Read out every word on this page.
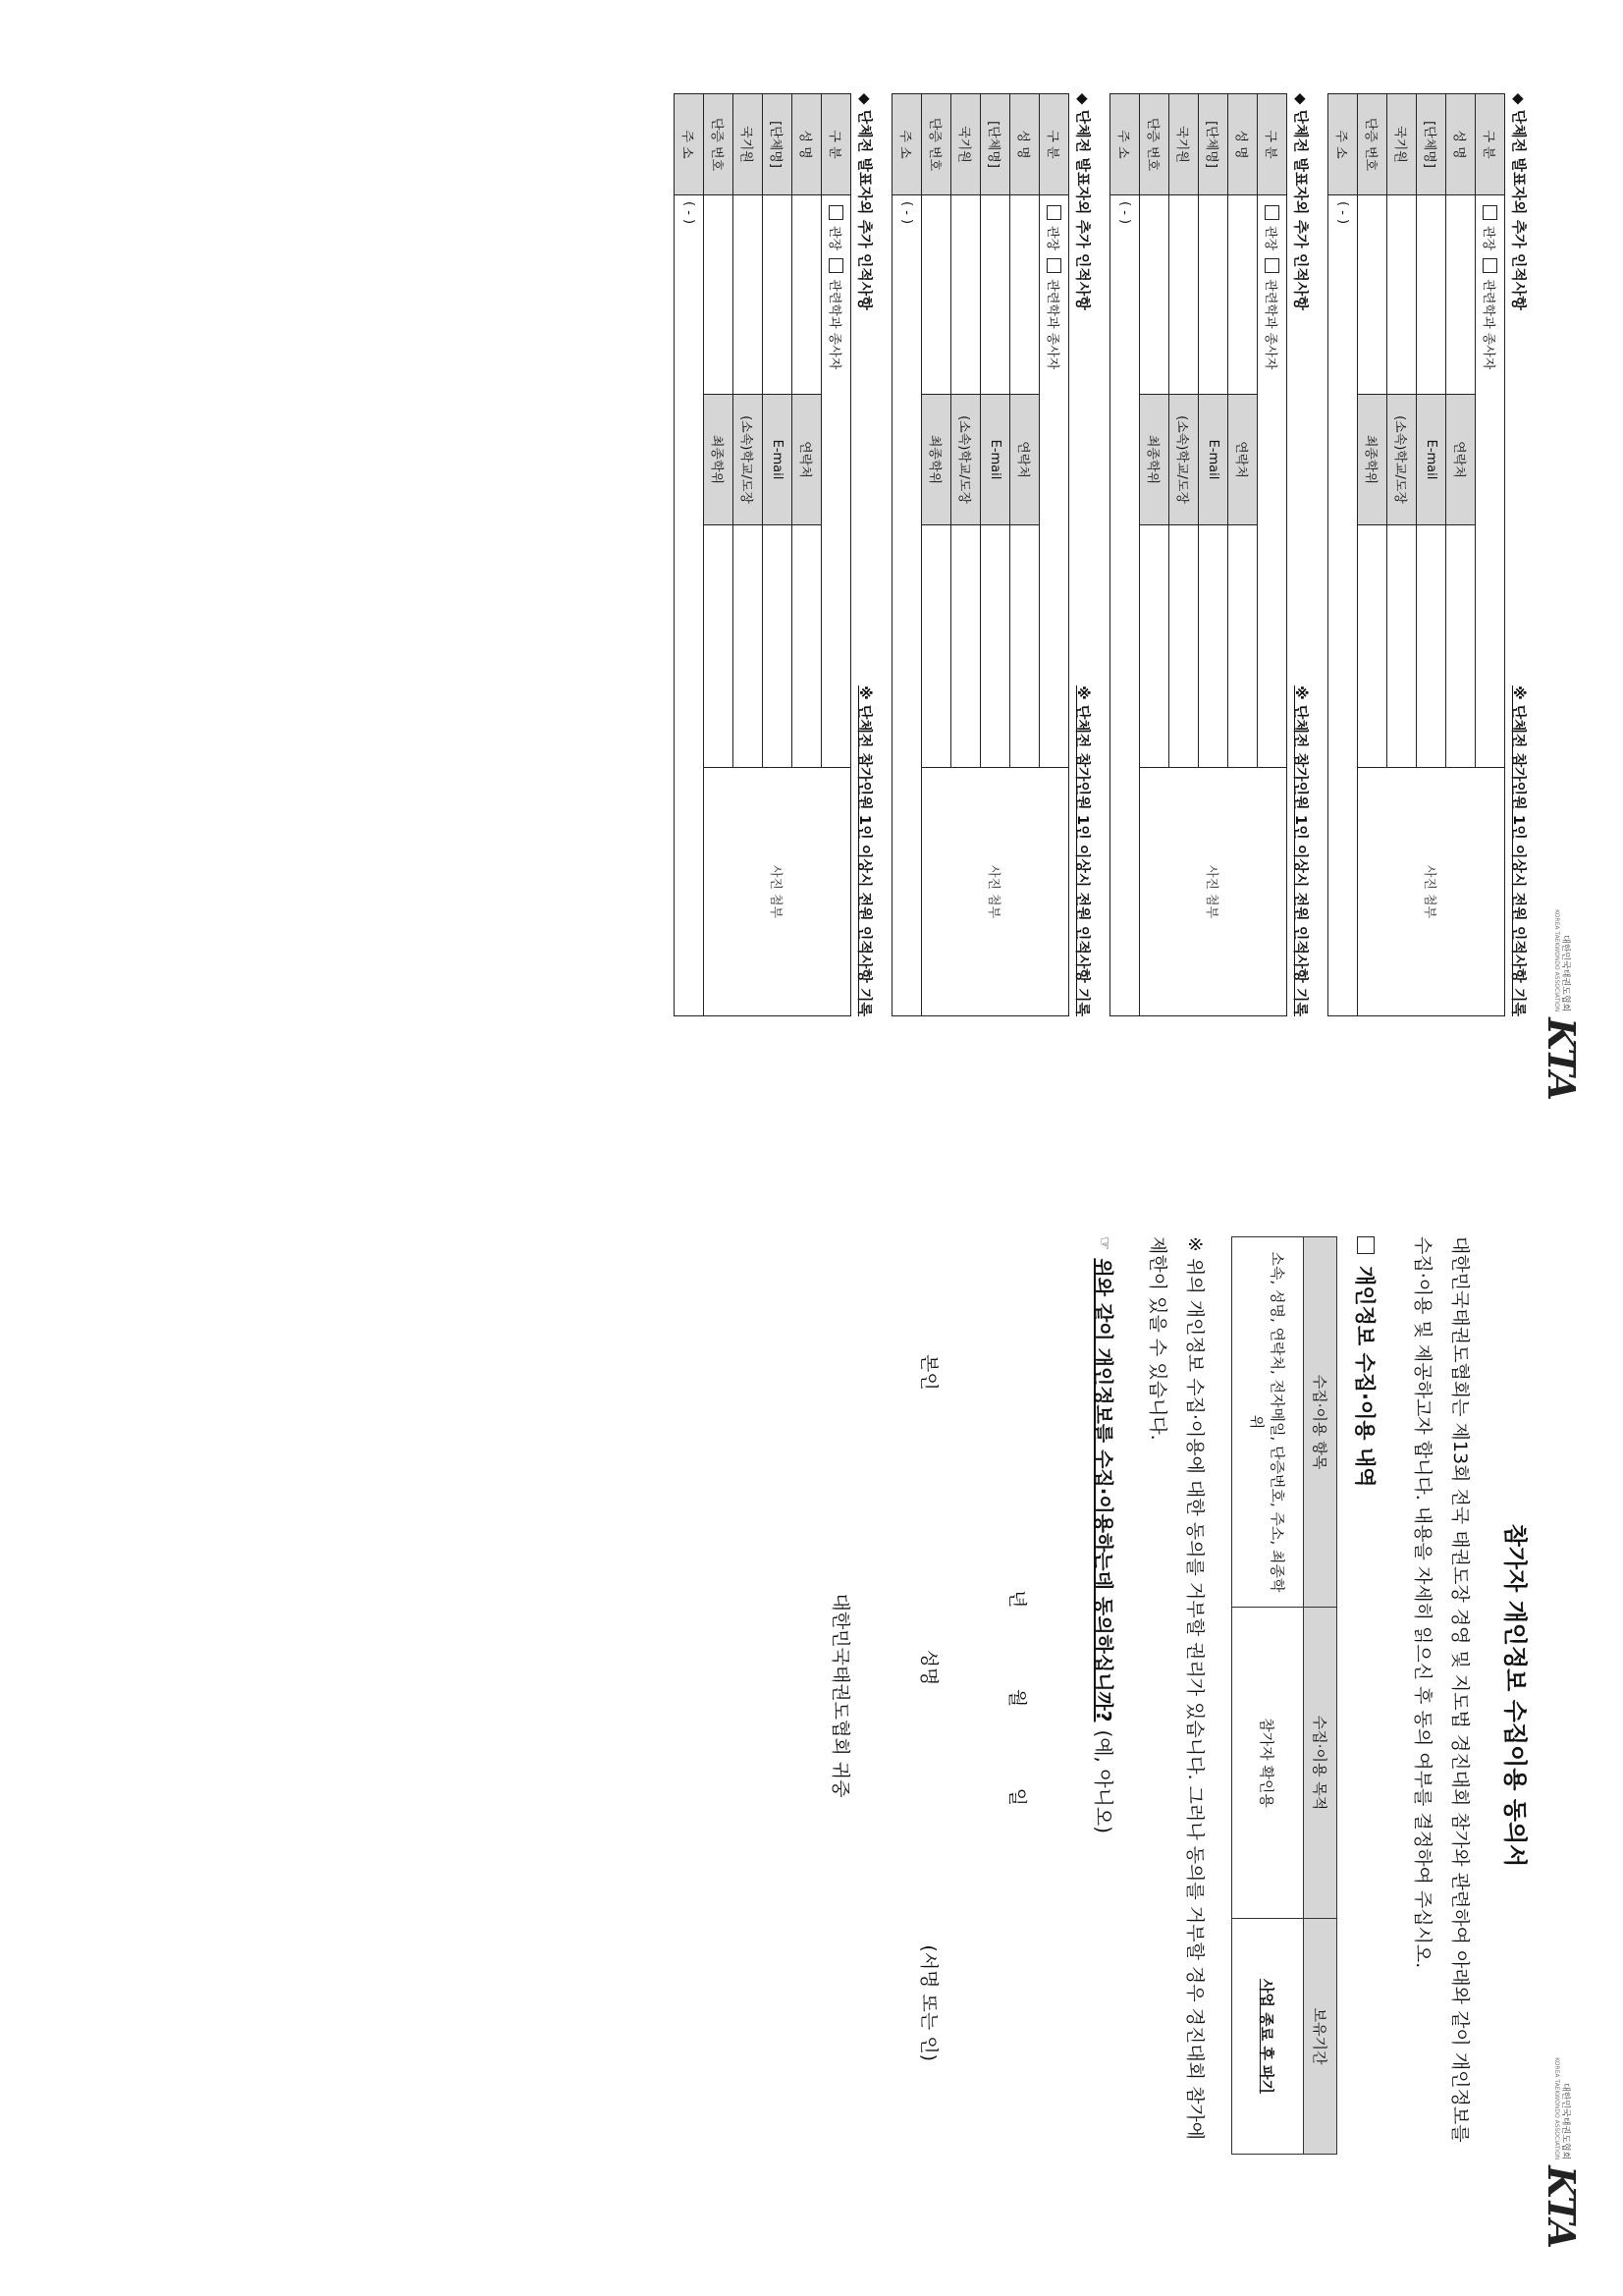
대한민국태권도협회
KOREA TAEKWONDO ASSOCIATION
KTA
◆ 단체전 발표자외 추가 인적사항
※ 단체전 참가인원 1인 이상시 전원 인적사항 기록
구 분	관장 관련학과 종사자			사진 첨부
성 명		연락처		
[단체명]		E-mail		
국기원		(소속)학교/도장		
단증 번호		최종학위		
주 소	( - )			
◆ 단체전 발표자외 추가 인적사항
※ 단체전 참가인원 1인 이상시 전원 인적사항 기록
구 분	관장 관련학과 종사자			사진 첨부
성 명		연락처		
[단체명]		E-mail		
국기원		(소속)학교/도장		
단증 번호		최종학위		
주 소	( - )			
◆ 단체전 발표자외 추가 인적사항
※ 단체전 참가인원 1인 이상시 전원 인적사항 기록
구 분	관장 관련학과 종사자			사진 첨부
성 명		연락처		
[단체명]		E-mail		
국기원		(소속)학교/도장		
단증 번호		최종학위		
주 소	( - )			
◆ 단체전 발표자외 추가 인적사항
※ 단체전 참가인원 1인 이상시 전원 인적사항 기록
구 분	관장 관련학과 종사자			사진 첨부
성 명		연락처		
[단체명]		E-mail		
국기원		(소속)학교/도장		
단증 번호		최종학위		
주 소	( - )			
대한민국태권도협회
KOREA TAEKWONDO ASSOCIATION
KTA
참가자 개인정보 수집이용 동의서

대한민국태권도협회는 제13회 전국 태권도장 경영 및 지도법 경진대회 참가와 관련하여 아래와 같이 개인정보를 수집·이용 및 제공하고자 합니다. 내용을 자세히 읽으신 후 동의 여부를 결정하여 주십시오.

개인정보 수집·이용 내역
수집·이용 항목	수집·이용 목적	보유기간
소속, 성명, 연락처, 전자메일, 단증번호, 주소, 최종학위	참가자 확인용	사업 종료 후 파기

※ 위의 개인정보 수집·이용에 대한 동의를 거부할 권리가 있습니다. 그러나 동의를 거부할 경우 경진대회 참가에 제한이 있을 수 있습니다.

☞
위와 같이 개인정보를 수집·이용하는데 동의하십니까?
(예, 아니오)
년
월
일
본인
성명
(서명 또는 인)
대한민국태권도협회 귀중
